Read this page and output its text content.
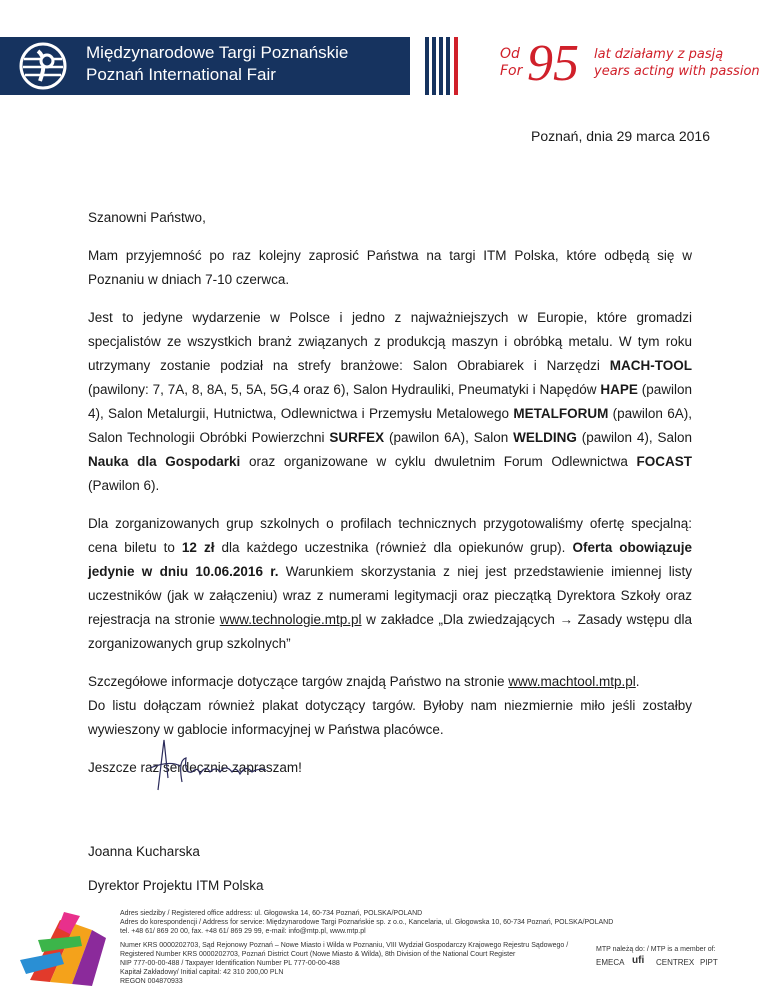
Międzynarodowe Targi Poznańskie
Poznań International Fair
Od
For 95 lat działamy z pasją
years acting with passion
Poznań, dnia 29 marca 2016

Szanowni Państwo,

Mam przyjemność po raz kolejny zaprosić Państwa na targi ITM Polska, które odbędą się w Poznaniu w dniach 7-10 czerwca.

Jest to jedyne wydarzenie w Polsce i jedno z najważniejszych w Europie, które gromadzi specjalistów ze wszystkich branż związanych z produkcją maszyn i obróbką metalu. W tym roku utrzymany zostanie podział na strefy branżowe: Salon Obrabiarek i Narzędzi MACH-TOOL (pawilony: 7, 7A, 8, 8A, 5, 5A, 5G,4 oraz 6), Salon Hydrauliki, Pneumatyki i Napędów HAPE (pawilon 4), Salon Metalurgii, Hutnictwa, Odlewnictwa i Przemysłu Metalowego METALFORUM (pawilon 6A), Salon Technologii Obróbki Powierzchni SURFEX (pawilon 6A), Salon WELDING (pawilon 4), Salon Nauka dla Gospodarki oraz organizowane w cyklu dwuletnim Forum Odlewnictwa FOCAST (Pawilon 6).

Dla zorganizowanych grup szkolnych o profilach technicznych przygotowaliśmy ofertę specjalną: cena biletu to 12 zł dla każdego uczestnika (również dla opiekunów grup). Oferta obowiązuje jedynie w dniu 10.06.2016 r. Warunkiem skorzystania z niej jest przedstawienie imiennej listy uczestników (jak w załączeniu) wraz z numerami legitymacji oraz pieczątką Dyrektora Szkoły oraz rejestracja na stronie www.technologie.mtp.pl w zakładce „Dla zwiedzających → Zasady wstępu dla zorganizowanych grup szkolnych”

Szczegółowe informacje dotyczące targów znajdą Państwo na stronie www.machtool.mtp.pl.

Do listu dołączam również plakat dotyczący targów. Byłoby nam niezmiernie miło jeśli zostałby wywieszony w gablocie informacyjnej w Państwa placówce.

Jeszcze raz serdecznie zapraszam!

Joanna Kucharska
Dyrektor Projektu ITM Polska

Adres siedziby / Registered office address: ul. Głogowska 14, 60-734 Poznań, POLSKA/POLAND

Adres do korespondencji / Address for service: Międzynarodowe Targi Poznańskie sp. z o.o., Kancelaria, ul. Głogowska 10, 60-734 Poznań, POLSKA/POLAND

tel. +48 61/ 869 20 00, fax. +48 61/ 869 29 99, e-mail: info@mtp.pl, www.mtp.pl

Numer KRS 0000202703, Sąd Rejonowy Poznań – Nowe Miasto i Wilda w Poznaniu, VIII Wydział Gospodarczy Krajowego Rejestru Sądowego /

Registered Number KRS 0000202703, Poznań District Court (Nowe Miasto & Wilda), 8th Division of the National Court Register

NIP 777-00-00-488 / Taxpayer Identification Number PL 777-00-00-488

Kapitał Zakładowy/ Initial capital: 42 310 200,00 PLN

REGON 004870933

MTP należą do: / MTP is a member of:
EMECA ufi CENTREX PIPT
